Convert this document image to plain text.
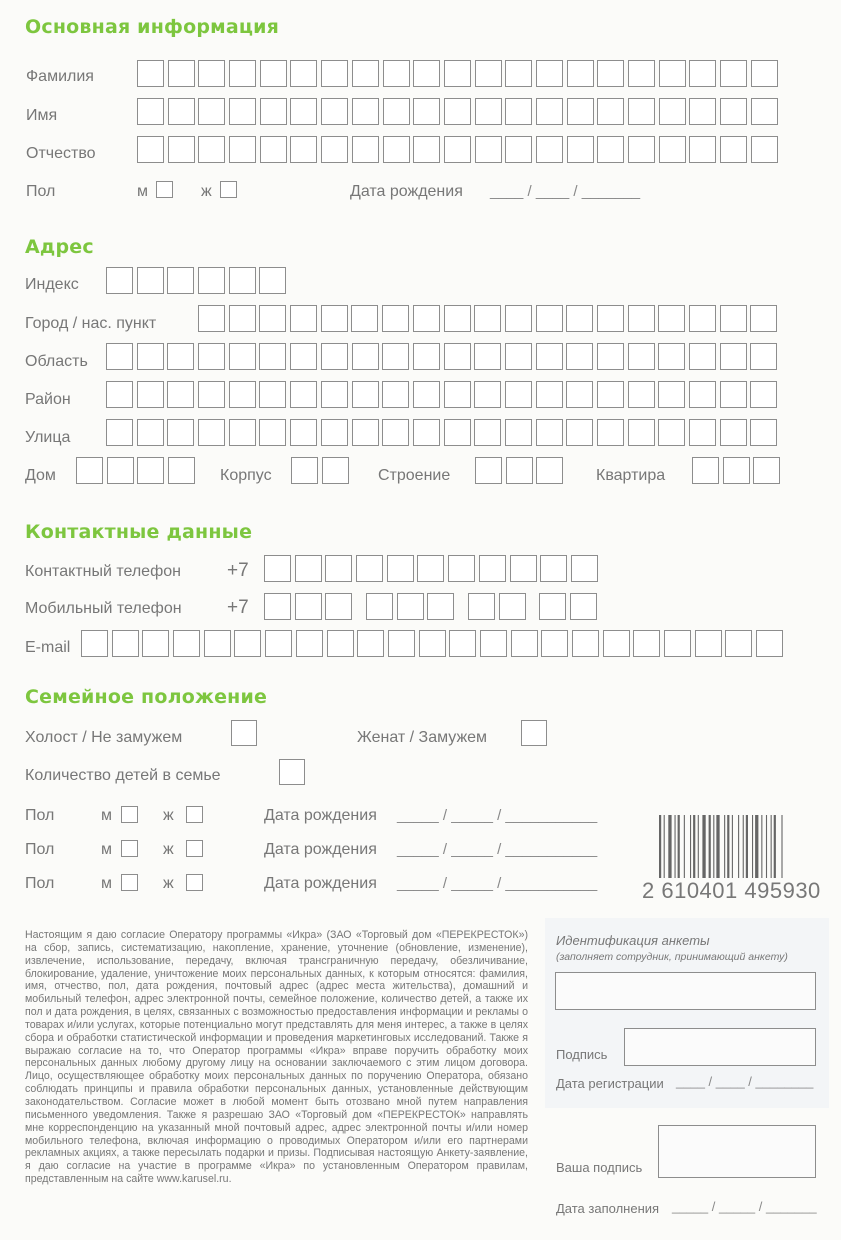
Основная информация
Фамилия
Имя
Отчество
Пол	м	ж	Дата рождения ____ / ____ / _______
Адрес
Индекс
Город / нас. пункт
Область
Район
Улица
Дом	Корпус	Строение	Квартира
Контактные данные
Контактный телефон +7
Мобильный телефон +7
E-mail
Семейное положение
Холост / Не замужем	Женат / Замужем
Количество детей в семье
Пол	м	ж	Дата рождения _____ / _____ / ___________
Пол	м	ж	Дата рождения _____ / _____ / ___________
Пол	м	ж	Дата рождения _____ / _____ / ___________ 2 610401 495930
Настоящим я даю согласие Оператору программы «Икра» (ЗАО «Торговый дом «ПЕРЕКРЕСТОК») на сбор, запись, систематизацию, накопление, хранение, уточнение (обновление, изменение), извлечение, использование, передачу, включая трансграничную передачу, обезличивание, блокирование, удаление, уничтожение моих персональных данных, к которым относятся: фамилия, имя, отчество, пол, дата рождения, почтовый адрес (адрес места жительства), домашний и мобильный телефон, адрес электронной почты, семейное положение, количество детей, а также их пол и дата рождения, в целях, связанных с возможностью предоставления информации и рекламы о товарах и/или услугах, которые потенциально могут представлять для меня интерес, а также в целях сбора и обработки статистической информации и проведения маркетинговых исследований. Также я выражаю согласие на то, что Оператор программы «Икра» вправе поручить обработку моих персональных данных любому другому лицу на основании заключаемого с этим лицом договора. Лицо, осуществляющее обработку моих персональных данных по поручению Оператора, обязано соблюдать принципы и правила обработки персональных данных, установленные действующим законодательством. Согласие может в любой момент быть отозвано мной путем направления письменного уведомления. Также я разрешаю ЗАО «Торговый дом «ПЕРЕКРЕСТОК» направлять мне корреспонденцию на указанный мной почтовый адрес, адрес электронной почты и/или номер мобильного телефона, включая информацию о проводимых Оператором и/или его партнерами рекламных акциях, а также пересылать подарки и призы. Подписывая настоящую Анкету-заявление, я даю согласие на участие в программе «Икра» по установленным Оператором правилам, представленным на сайте www.karusel.ru.
Идентификация анкеты
(заполняет сотрудник, принимающий анкету)
Подпись
Дата регистрации ____ / ____ / ________
Ваша подпись
Дата заполнения _____ / _____ / _______
